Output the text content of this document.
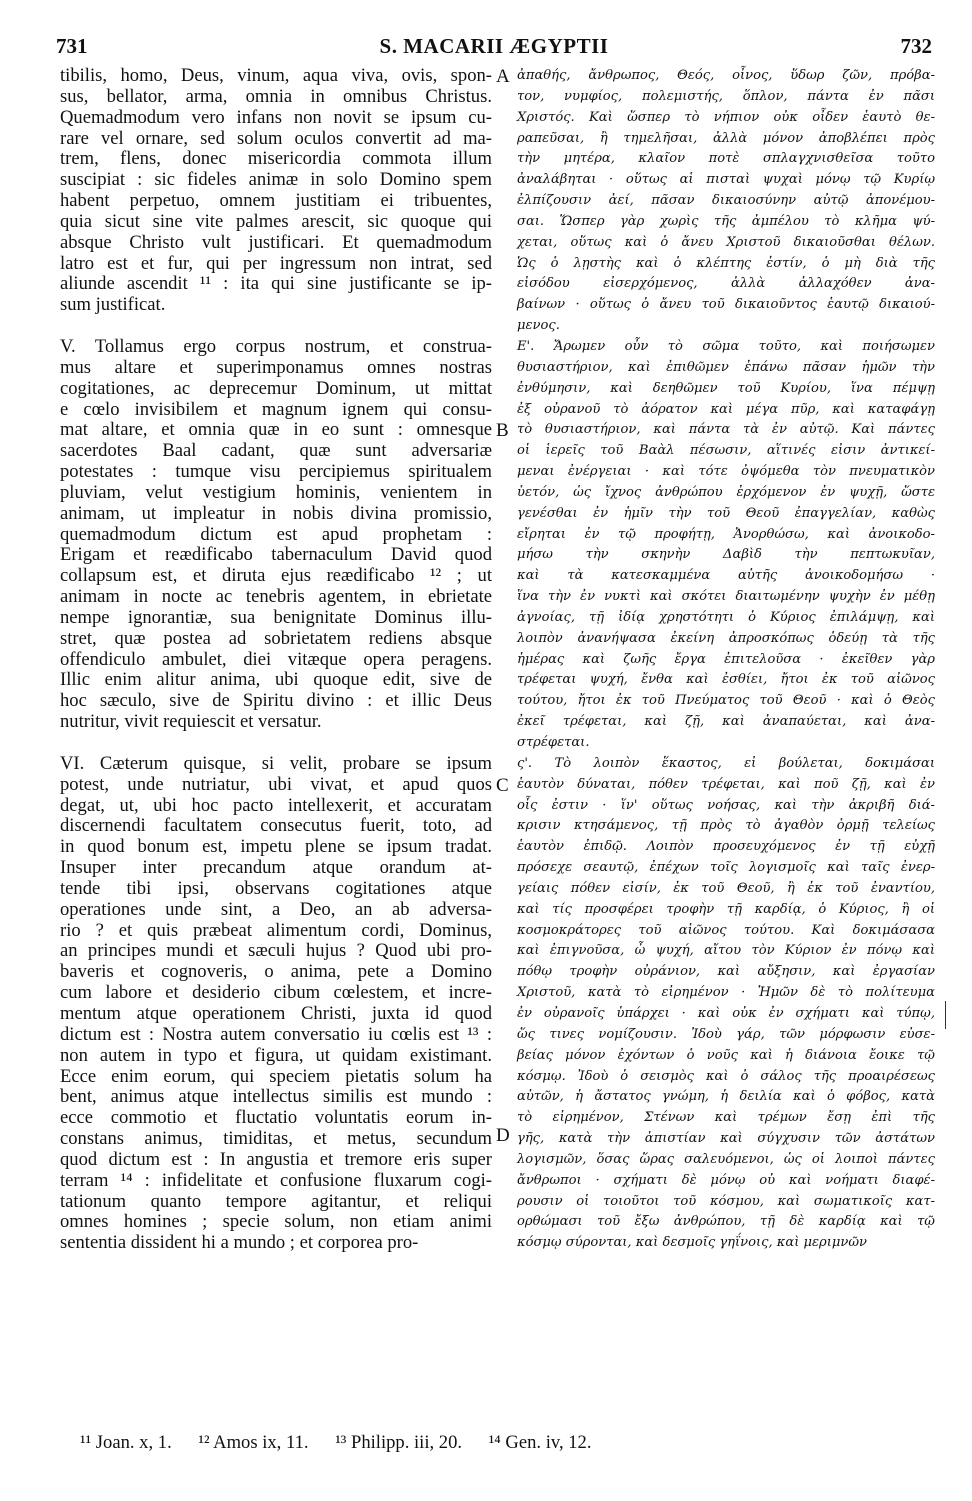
731	S. MACARII ÆGYPTII	732
tibilis, homo, Deus, vinum, aqua viva, ovis, spon-
sus, bellator, arma, omnia in omnibus Christus.
Quemadmodum vero infans non novit se ipsum cu-
rare vel ornare, sed solum oculos convertit ad ma-
trem, flens, donec misericordia commota illum
suscipiat : sic fideles animæ in solo Domino spem
habent perpetuo, omnem justitiam ei tribuentes,
quia sicut sine vite palmes arescit, sic quoque qui
absque Christo vult justificari. Et quemadmodum
latro est et fur, qui per ingressum non intrat, sed
aliunde ascendit ¹¹ : ita qui sine justificante se ip-
sum justificat.
V. Tollamus ergo corpus nostrum, et construa-
mus altare et superimponamus omnes nostras
cogitationes, ac deprecemur Dominum, ut mittat
e cœlo invisibilem et magnum ignem qui consu-
mat altare, et omnia quæ in eo sunt : omnesque
sacerdotes Baal cadant, quæ sunt adversariæ
potestates : tumque visu percipiemus spiritualem
pluviam, velut vestigium hominis, venientem in
animam, ut impleatur in nobis divina promissio,
quemadmodum dictum est apud prophetam :
Erigam et reædificabo tabernaculum David quod
collapsum est, et diruta ejus reædificabo ¹² ; ut
animam in nocte ac tenebris agentem, in ebrietate
nempe ignorantiæ, sua benignitate Dominus illu-
stret, quæ postea ad sobrietatem rediens absque
offendiculo ambulet, diei vitæque opera peragens.
Illic enim alitur anima, ubi quoque edit, sive de
hoc sæculo, sive de Spiritu divino : et illic Deus
nutritur, vivit requiescit et versatur.
VI. Cæterum quisque, si velit, probare se ipsum
potest, unde nutriatur, ubi vivat, et apud quos
degat, ut, ubi hoc pacto intellexerit, et accuratam
discernendi facultatem consecutus fuerit, toto, ad
in quod bonum est, impetu plene se ipsum tradat.
Insuper inter precandum atque orandum at-
tende tibi ipsi, observans cogitationes atque
operationes unde sint, a Deo, an ab adversa-
rio ? et quis præbeat alimentum cordi, Dominus,
an principes mundi et sæculi hujus ? Quod ubi pro-
baveris et cognoveris, o anima, pete a Domino
cum labore et desiderio cibum cœlestem, et incre-
mentum atque operationem Christi, juxta id quod
dictum est : Nostra autem conversatio iu cœlis est ¹³ :
non autem in typo et figura, ut quidam existimant.
Ecce enim eorum, qui speciem pietatis solum ha
bent, animus atque intellectus similis est mundo :
ecce commotio et fluctatio voluntatis eorum in-
constans animus, timiditas, et metus, secundum
quod dictum est : In angustia et tremore eris super
terram ¹⁴ : infidelitate et confusione fluxarum cogi-
tationum quanto tempore agitantur, et reliqui
omnes homines ; specie solum, non etiam animi
sententia dissident hi a mundo ; et corporea pro-
ἀπαθής, ἄνθρωπος, Θεός, οἶνος, ὕδωρ ζῶν, πρόβα-
τον, νυμφίος, πολεμιστής, ὅπλον, πάντα ἐν πᾶσι
Χριστός. Καὶ ὥσπερ τὸ νήπιον οὐκ οἶδεν ἑαυτὸ θε-
ραπεῦσαι, ἢ τημελῆσαι, ἀλλὰ μόνον ἀποβλέπει πρὸς
τὴν μητέρα, κλαῖον ποτὲ σπλαγχνισθεῖσα τοῦτο
ἀναλάβηται · οὕτως αἱ πισταὶ ψυχαὶ μόνῳ τῷ Κυρίῳ
ἐλπίζουσιν ἀεί, πᾶσαν δικαιοσύνην αὐτῷ ἀπονέμου-
σαι. Ὥσπερ γὰρ χωρὶς τῆς ἀμπέλου τὸ κλῆμα ψύ-
χεται, οὕτως καὶ ὁ ἄνευ Χριστοῦ δικαιοῦσθαι θέλων.
Ὡς ὁ λῃστὴς καὶ ὁ κλέπτης ἐστίν, ὁ μὴ διὰ τῆς
εἰσόδου εἰσερχόμενος, ἀλλὰ ἀλλαχόθεν ἀνα-
βαίνων · οὕτως ὁ ἄνευ τοῦ δικαιοῦντος ἑαυτῷ δικαιού-
μενος.
Ε'. Ἄρωμεν οὖν τὸ σῶμα τοῦτο, καὶ ποιήσωμεν
θυσιαστήριον, καὶ ἐπιθῶμεν ἐπάνω πᾶσαν ἡμῶν τὴν
ἐνθύμησιν, καὶ δεηθῶμεν τοῦ Κυρίου, ἵνα πέμψῃ
ἐξ οὐρανοῦ τὸ ἀόρατον καὶ μέγα πῦρ, καὶ καταφάγῃ
τὸ θυσιαστήριον, καὶ πάντα τὰ ἐν αὐτῷ. Καὶ πάντες
οἱ ἱερεῖς τοῦ Βαὰλ πέσωσιν, αἵτινές εἰσιν ἀντικεί-
μεναι ἐνέργειαι · καὶ τότε ὀψόμεθα τὸν πνευματικὸν
ὑετόν, ὡς ἴχνος ἀνθρώπου ἐρχόμενον ἐν ψυχῇ, ὥστε
γενέσθαι ἐν ἡμῖν τὴν τοῦ Θεοῦ ἐπαγγελίαν, καθὼς
εἴρηται ἐν τῷ προφήτῃ, Ἀνορθώσω, καὶ ἀνοικοδο-
μήσω τὴν σκηνὴν Δαβὶδ τὴν πεπτωκυῖαν,
καὶ τὰ κατεσκαμμένα αὐτῆς ἀνοικοδομήσω ·
ἵνα τὴν ἐν νυκτὶ καὶ σκότει διαιτωμένην ψυχὴν ἐν μέθῃ
ἀγνοίας, τῇ ἰδίᾳ χρηστότητι ὁ Κύριος ἐπιλάμψῃ, καὶ
λοιπὸν ἀνανήψασα ἐκείνη ἀπροσκόπως ὁδεύῃ τὰ τῆς
ἡμέρας καὶ ζωῆς ἔργα ἐπιτελοῦσα · ἐκεῖθεν γὰρ
τρέφεται ψυχή, ἔνθα καὶ ἐσθίει, ἤτοι ἐκ τοῦ αἰῶνος
τούτου, ἤτοι ἐκ τοῦ Πνεύματος τοῦ Θεοῦ · καὶ ὁ Θεὸς
ἐκεῖ τρέφεται, καὶ ζῇ, καὶ ἀναπαύεται, καὶ ἀνα-
στρέφεται.
ς'. Τὸ λοιπὸν ἕκαστος, εἰ βούλεται, δοκιμάσαι
ἑαυτὸν δύναται, πόθεν τρέφεται, καὶ ποῦ ζῇ, καὶ ἐν
οἷς ἐστιν · ἵν' οὕτως νοήσας, καὶ τὴν ἀκριβῆ διά-
κρισιν κτησάμενος, τῇ πρὸς τὸ ἀγαθὸν ὁρμῇ τελείως
ἑαυτὸν ἐπιδῷ. Λοιπὸν προσευχόμενος ἐν τῇ εὐχῇ
πρόσεχε σεαυτῷ, ἐπέχων τοῖς λογισμοῖς καὶ ταῖς ἐνερ-
γείαις πόθεν εἰσίν, ἐκ τοῦ Θεοῦ, ἢ ἐκ τοῦ ἐναντίου,
καὶ τίς προσφέρει τροφὴν τῇ καρδίᾳ, ὁ Κύριος, ἢ οἱ
κοσμοκράτορες τοῦ αἰῶνος τούτου. Καὶ δοκιμάσασα
καὶ ἐπιγνοῦσα, ὦ ψυχή, αἴτου τὸν Κύριον ἐν πόνῳ καὶ
πόθῳ τροφὴν οὐράνιον, καὶ αὔξησιν, καὶ ἐργασίαν
Χριστοῦ, κατὰ τὸ εἰρημένον · Ἡμῶν δὲ τὸ πολίτευμα
ἐν οὐρανοῖς ὑπάρχει · καὶ οὐκ ἐν σχήματι καὶ τύπῳ,
ὥς τινες νομίζουσιν. Ἰδοὺ γάρ, τῶν μόρφωσιν εὐσε-
βείας μόνον ἐχόντων ὁ νοῦς καὶ ἡ διάνοια ἔοικε τῷ
κόσμῳ. Ἰδοὺ ὁ σεισμὸς καὶ ὁ σάλος τῆς προαιρέσεως
αὐτῶν, ἡ ἄστατος γνώμη, ἡ δειλία καὶ ὁ φόβος, κατὰ
τὸ εἰρημένον, Στένων καὶ τρέμων ἔσῃ ἐπὶ τῆς
γῆς, κατὰ τὴν ἀπιστίαν καὶ σύγχυσιν τῶν ἀστάτων
λογισμῶν, ὅσας ὥρας σαλευόμενοι, ὡς οἱ λοιποὶ πάντες
ἄνθρωποι · σχήματι δὲ μόνῳ οὐ καὶ νοήματι διαφέ-
ρουσιν οἱ τοιοῦτοι τοῦ κόσμου, καὶ σωματικοῖς κατ-
ορθώμασι τοῦ ἔξω ἀνθρώπου, τῇ δὲ καρδίᾳ καὶ τῷ
κόσμῳ σύρονται, καὶ δεσμοῖς γηΐνοις, καὶ μεριμνῶν
A
B
C
D
¹¹ Joan. x, 1. ¹² Amos ix, 11. ¹³ Philipp. iii, 20. ¹⁴ Gen. iv, 12.
